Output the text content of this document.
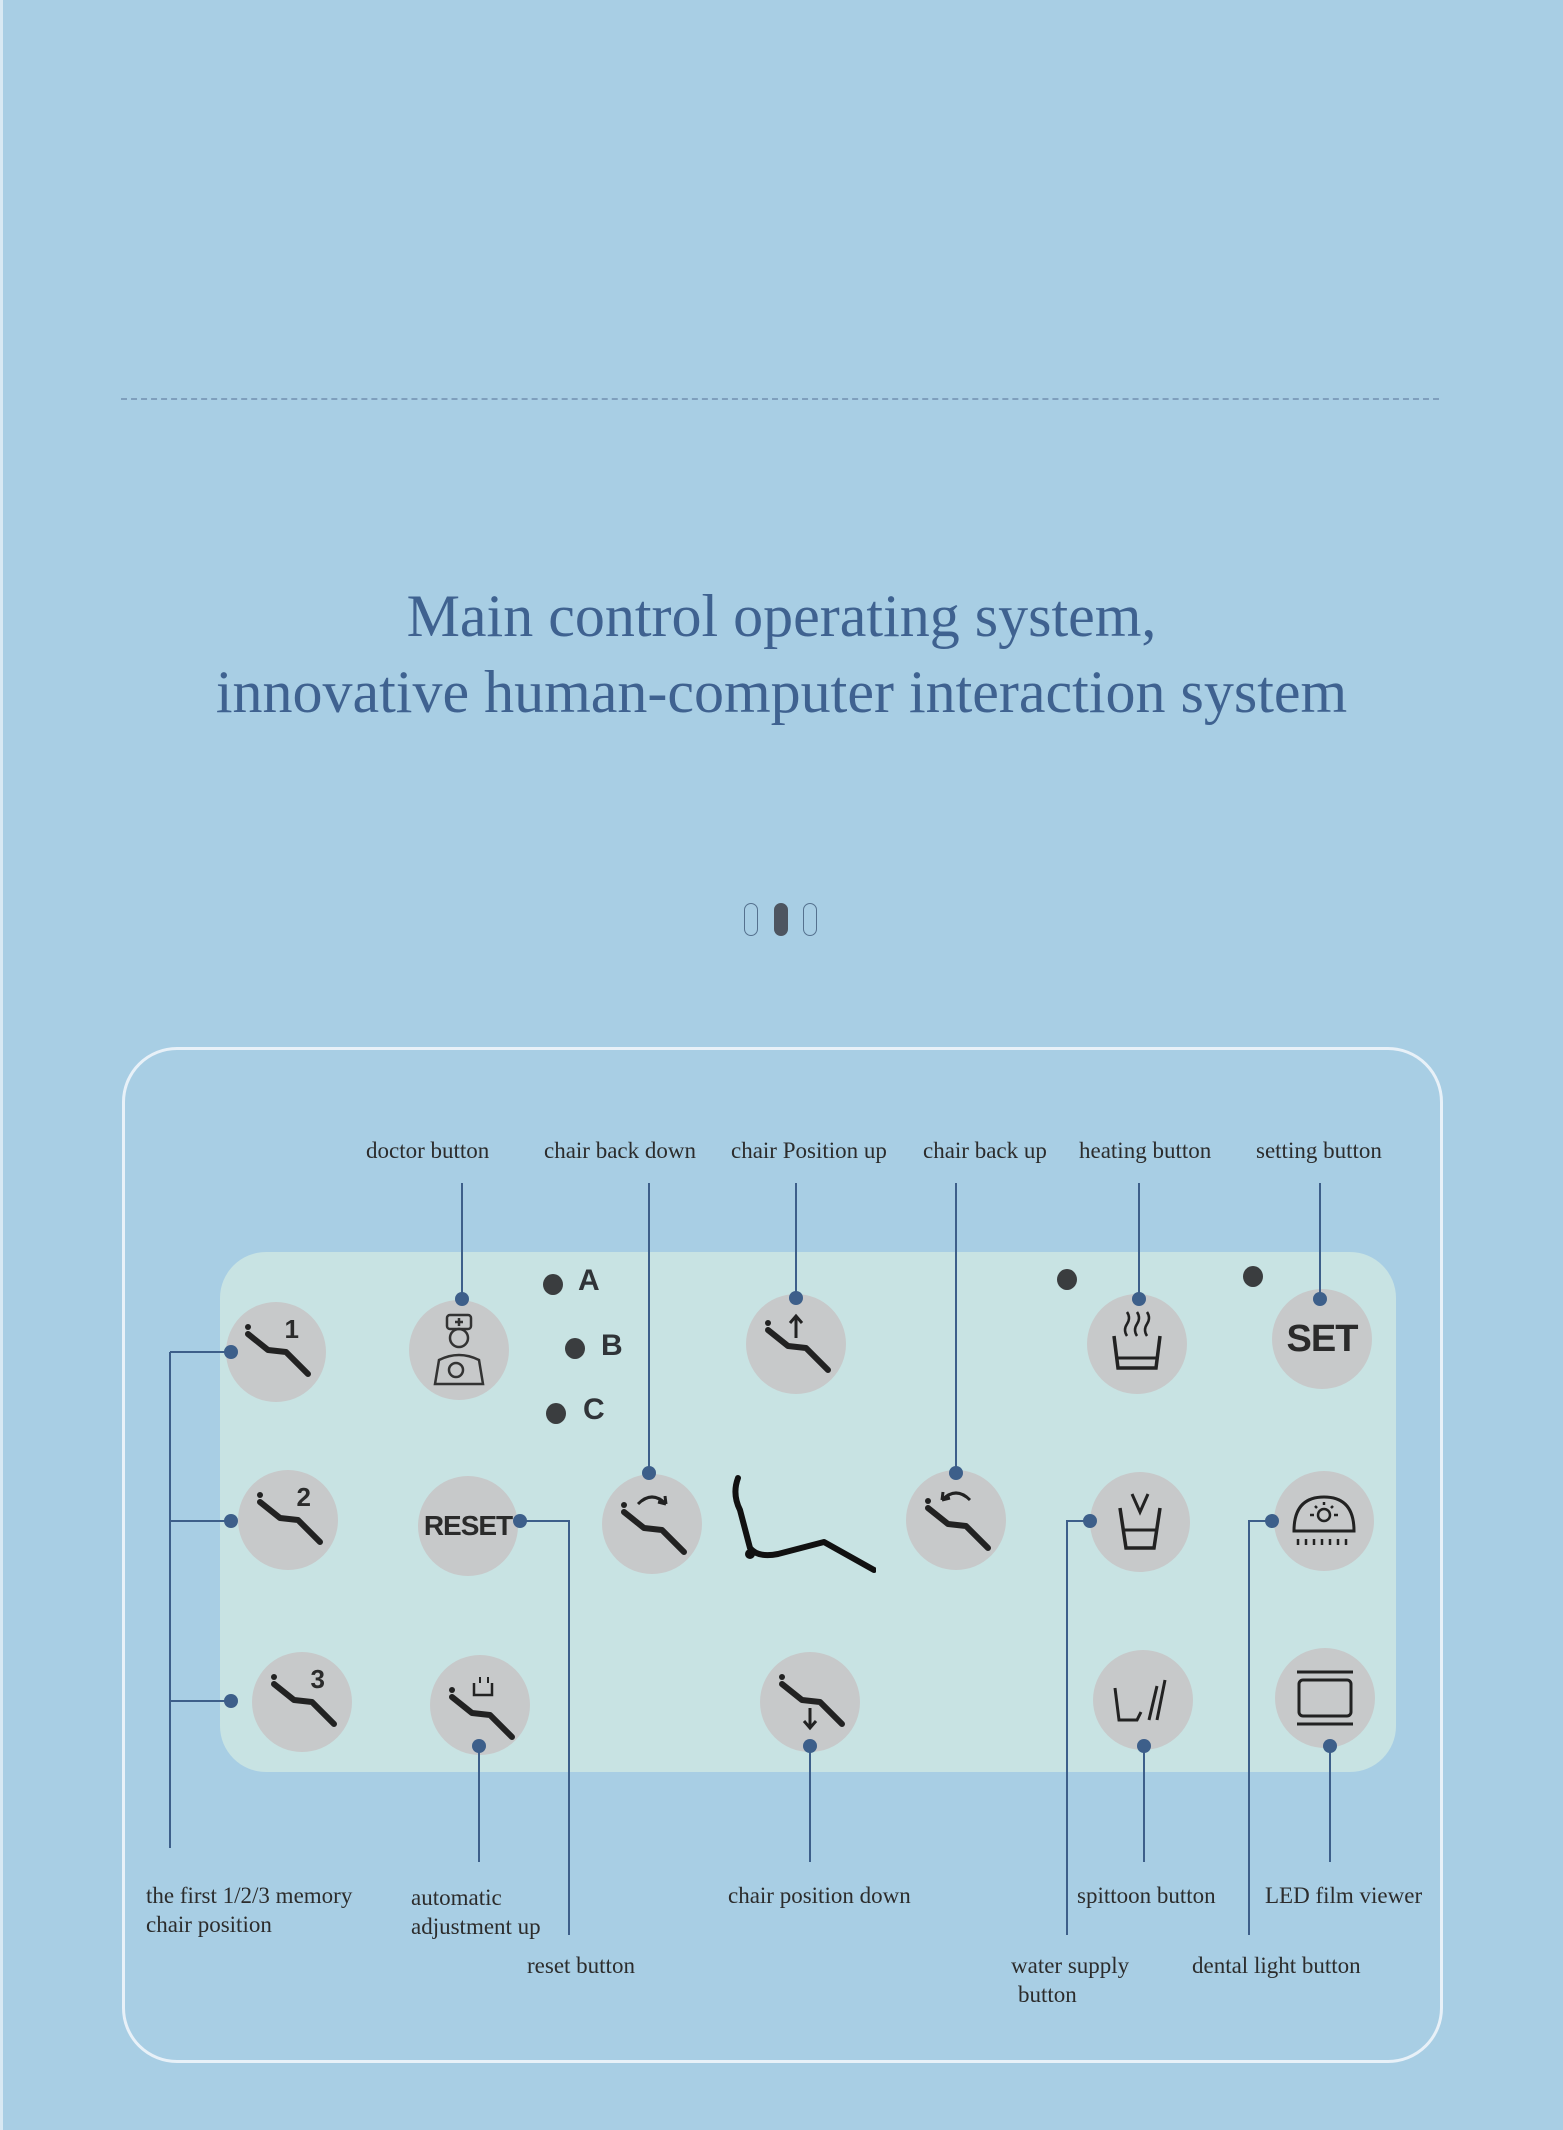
Main control operating system,
innovative human-computer interaction system
A
B
C
1	SET
2
RESET
3
doctor button chair back down chair Position up chair back up heating button setting button
the first 1/2/3 memory
chair position
automatic
adjustment up
reset button
chair position down	spittoon button LED film viewer
water supply
button
dental light button
